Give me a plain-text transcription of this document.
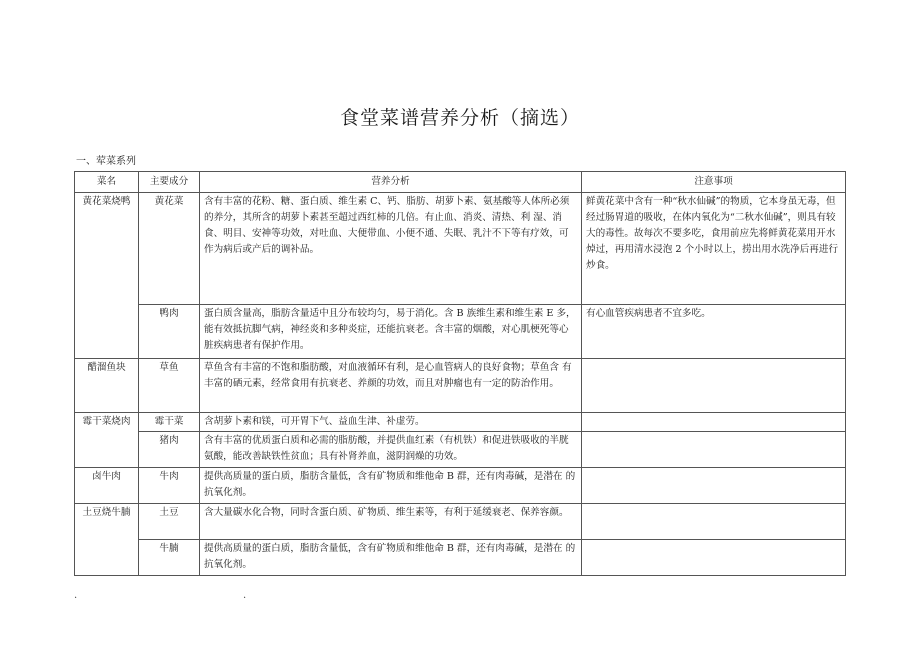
食堂菜谱营养分析（摘选）
一、荤菜系列
菜名	主要成分	营养分析	注意事项
黄花菜烧鸭	黄花菜	含有丰富的花粉、糖、蛋白质、维生素 C、钙、脂肪、胡萝卜素、氨基酸等人体所必须的养分，其所含的胡萝卜素甚至超过西红柿的几倍。有止血、消炎、清热、利 湿、消食、明目、安神等功效，对吐血、大便带血、小便不通、失眠、乳汁不下等有疗效，可作为病后或产后的调补品。	鲜黄花菜中含有一种“秋水仙碱”的物质，它本身虽无毒，但经过肠胃道的吸收，在体内氧化为“二秋水仙碱”，则具有较大的毒性。故每次不要多吃，食用前应先将鲜黄花菜用开水焯过，再用清水浸泡 2 个小时以上，捞出用水洗净后再进行炒食。
	鸭肉	蛋白质含量高，脂肪含量适中且分布较均匀，易于消化。含 B 族维生素和维生素 E 多，能有效抵抗脚气病，神经炎和多种炎症，还能抗衰老。含丰富的烟酸，对心肌梗死等心脏疾病患者有保护作用。	有心血管疾病患者不宜多吃。
醋溜鱼块	草鱼	草鱼含有丰富的不饱和脂肪酸，对血液循环有利，是心血管病人的良好食物；草鱼含 有丰富的硒元素，经常食用有抗衰老、养颜的功效，而且对肿瘤也有一定的防治作用。	
霉干菜烧肉	霉干菜	含胡萝卜素和镁，可开胃下气、益血生津、补虚劳。	
	猪肉	含有丰富的优质蛋白质和必需的脂肪酸，并提供血红素（有机铁）和促进铁吸收的半胱氨酸，能改善缺铁性贫血；具有补肾养血，滋阴润燥的功效。	
卤牛肉	牛肉	提供高质量的蛋白质，脂肪含量低，含有矿物质和维他命 B 群，还有肉毒碱，是潜在 的抗氧化剂。	
土豆烧牛腩	土豆	含大量碳水化合物，同时含蛋白质、矿物质、维生素等，有利于延缓衰老、保养容颜。	
	牛腩	提供高质量的蛋白质，脂肪含量低，含有矿物质和维他命 B 群，还有肉毒碱，是潜在 的抗氧化剂。	
.	.
